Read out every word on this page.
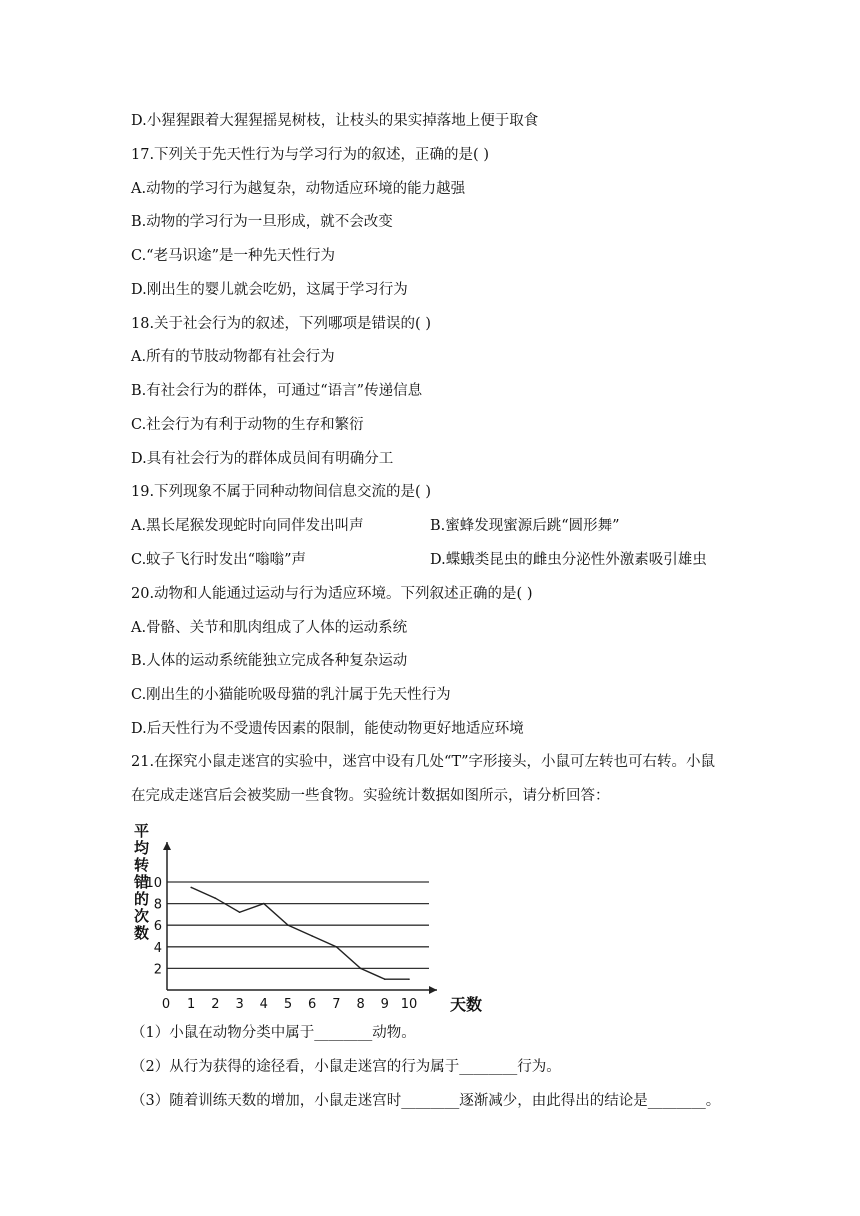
D.小猩猩跟着大猩猩摇晃树枝，让枝头的果实掉落地上便于取食
17.下列关于先天性行为与学习行为的叙述，正确的是( )
A.动物的学习行为越复杂，动物适应环境的能力越强
B.动物的学习行为一旦形成，就不会改变
C.“老马识途”是一种先天性行为
D.刚出生的婴儿就会吃奶，这属于学习行为
18.关于社会行为的叙述，下列哪项是错误的( )
A.所有的节肢动物都有社会行为
B.有社会行为的群体，可通过“语言”传递信息
C.社会行为有利于动物的生存和繁衍
D.具有社会行为的群体成员间有明确分工
19.下列现象不属于同种动物间信息交流的是( )
A.黑长尾猴发现蛇时向同伴发出叫声	B.蜜蜂发现蜜源后跳“圆形舞”
C.蚊子飞行时发出“嗡嗡”声	D.蝶蛾类昆虫的雌虫分泌性外激素吸引雄虫
20.动物和人能通过运动与行为适应环境。下列叙述正确的是( )
A.骨骼、关节和肌肉组成了人体的运动系统
B.人体的运动系统能独立完成各种复杂运动
C.刚出生的小猫能吮吸母猫的乳汁属于先天性行为
D.后天性行为不受遗传因素的限制，能使动物更好地适应环境
21.在探究小鼠走迷宫的实验中，迷宫中设有几处“T”字形接头，小鼠可左转也可右转。小鼠
在完成走迷宫后会被奖励一些食物。实验统计数据如图所示，请分析回答：
平
均
转
错
的
次
数
2
4
6
8
10
0 1 2 3 4 5 6 7 8 9 10 天数
（1）小鼠在动物分类中属于________动物。
（2）从行为获得的途径看，小鼠走迷宫的行为属于________行为。
（3）随着训练天数的增加，小鼠走迷宫时________逐渐减少，由此得出的结论是________。
